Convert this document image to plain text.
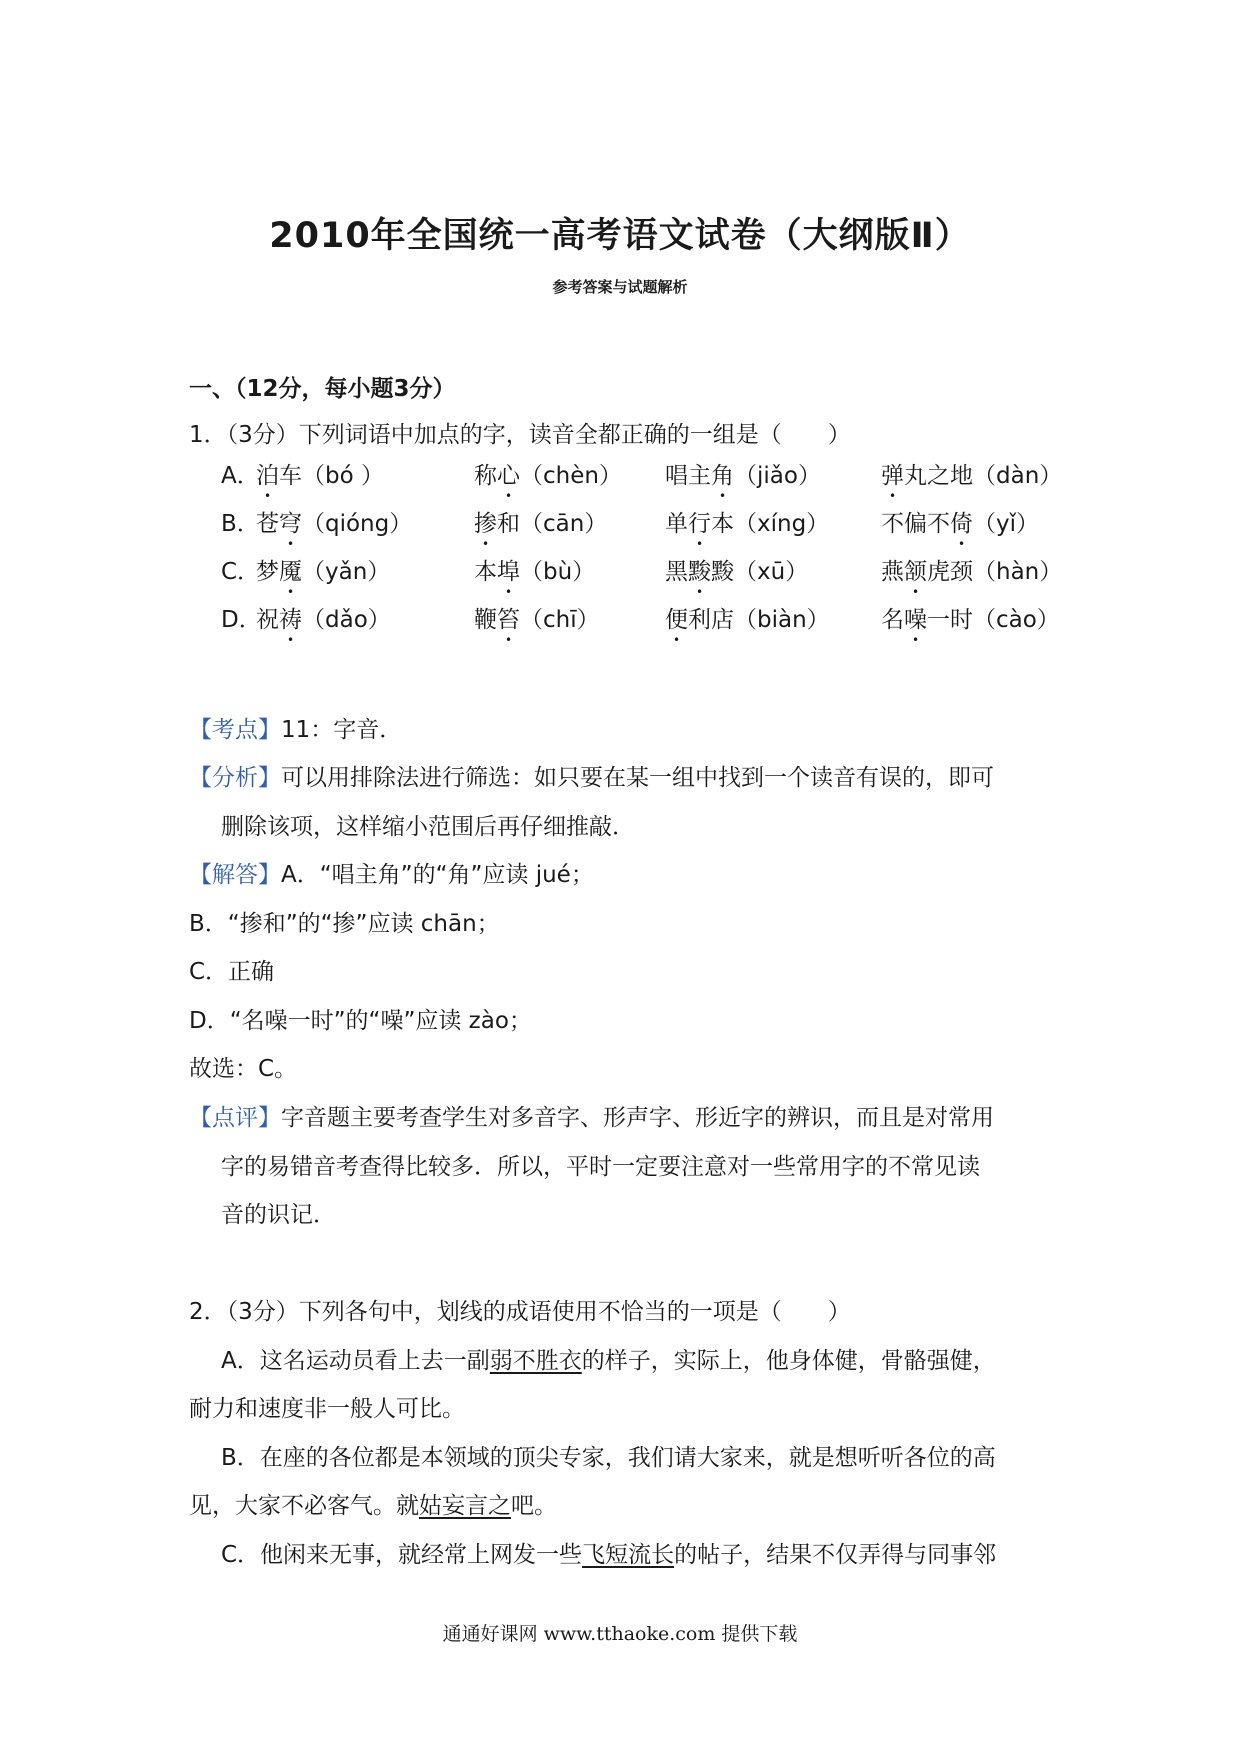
2010年全国统一高考语文试卷（大纲版Ⅱ）
参考答案与试题解析
一、（12分，每小题3分）
1．（3分）下列词语中加点的字，读音全都正确的一组是（　　）
A．
泊车（bó ）	称心（chèn） 唱主角（jiǎo）	弹丸之地（dàn）
B．
苍穹（qióng）	掺和（cān）	单行本（xíng） 不偏不倚（yǐ）
C．
梦魇（yǎn）	本埠（bù）	黑黢黢（xū）	燕颔虎颈（hàn）
D．
祝祷（dǎo）	鞭笞（chī）	便利店（biàn） 名噪一时（cào）
【考点】11：字音．
【分析】可以用排除法进行筛选：如只要在某一组中找到一个读音有误的，即可
删除该项，这样缩小范围后再仔细推敲．
【解答】A．“唱主角”的“角”应读 jué；
B．“掺和”的“掺”应读 chān；
C．正确
D．“名噪一时”的“噪”应读 zào；
故选：C。
【点评】字音题主要考查学生对多音字、形声字、形近字的辨识，而且是对常用
字的易错音考查得比较多．所以，平时一定要注意对一些常用字的不常见读
音的识记．
2．（3分）下列各句中，划线的成语使用不恰当的一项是（　　）
A．这名运动员看上去一副弱不胜衣的样子，实际上，他身体健，骨骼强健，
耐力和速度非一般人可比。
B．在座的各位都是本领域的顶尖专家，我们请大家来，就是想听听各位的高
见，大家不必客气。就姑妄言之吧。
C．他闲来无事，就经常上网发一些飞短流长的帖子，结果不仅弄得与同事邻
通通好课网 www.tthaoke.com 提供下载
